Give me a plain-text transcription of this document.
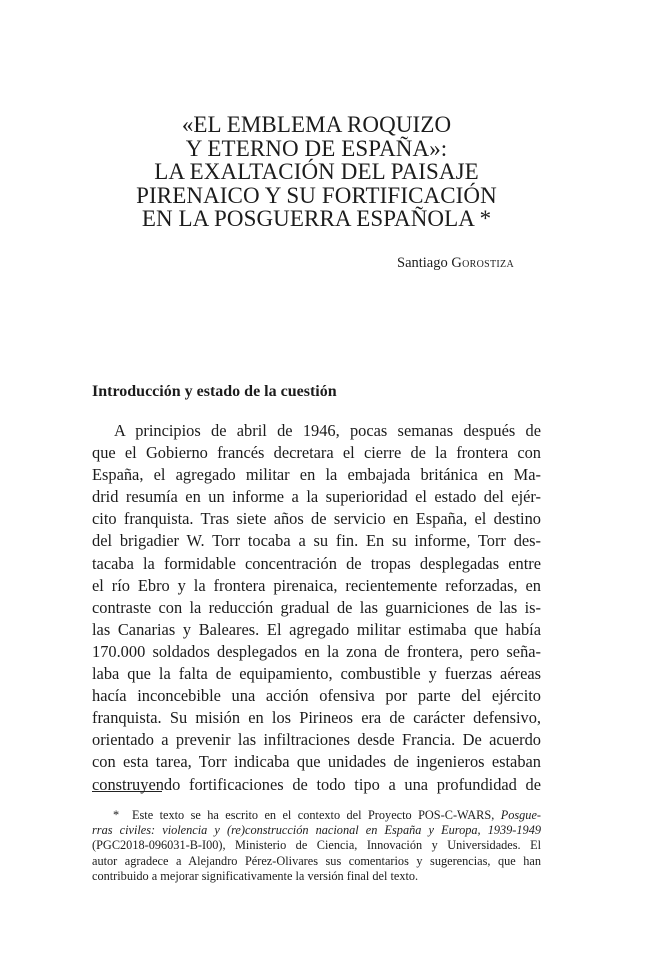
«EL EMBLEMA ROQUIZO
Y ETERNO DE ESPAÑA»:
LA EXALTACIÓN DEL PAISAJE
PIRENAICO Y SU FORTIFICACIÓN
EN LA POSGUERRA ESPAÑOLA *
Santiago Gorostiza
Introducción y estado de la cuestión
A principios de abril de 1946, pocas semanas después de
que el Gobierno francés decretara el cierre de la frontera con
España, el agregado militar en la embajada británica en Ma-
drid resumía en un informe a la superioridad el estado del ejér-
cito franquista. Tras siete años de servicio en España, el destino
del brigadier W. Torr tocaba a su fin. En su informe, Torr des-
tacaba la formidable concentración de tropas desplegadas entre
el río Ebro y la frontera pirenaica, recientemente reforzadas, en
contraste con la reducción gradual de las guarniciones de las is-
las Canarias y Baleares. El agregado militar estimaba que había
170.000 soldados desplegados en la zona de frontera, pero seña-
laba que la falta de equipamiento, combustible y fuerzas aéreas
hacía inconcebible una acción ofensiva por parte del ejército
franquista. Su misión en los Pirineos era de carácter defensivo,
orientado a prevenir las infiltraciones desde Francia. De acuerdo
con esta tarea, Torr indicaba que unidades de ingenieros estaban
construyendo fortificaciones de todo tipo a una profundidad de
* Este texto se ha escrito en el contexto del Proyecto POS-C-WARS, Posgue-
rras civiles: violencia y (re)construcción nacional en España y Europa, 1939-1949
(PGC2018-096031-B-I00), Ministerio de Ciencia, Innovación y Universidades. El
autor agradece a Alejandro Pérez-Olivares sus comentarios y sugerencias, que han
contribuido a mejorar significativamente la versión final del texto.
